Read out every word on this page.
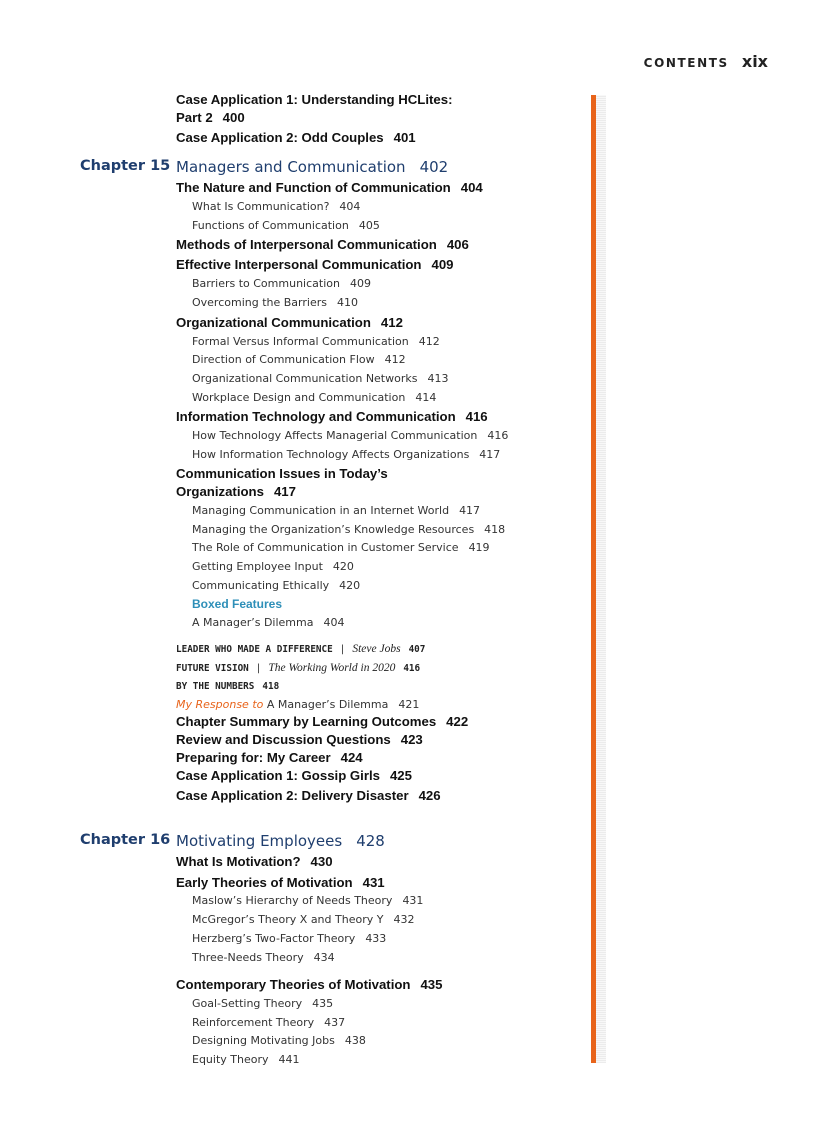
CONTENTS xix
Case Application 1: Understanding HCLites:
Part 2 400
Case Application 2: Odd Couples 401
Chapter 15 Managers and Communication 402
The Nature and Function of Communication 404
What Is Communication? 404
Functions of Communication 405
Methods of Interpersonal Communication 406
Effective Interpersonal Communication 409
Barriers to Communication 409
Overcoming the Barriers 410
Organizational Communication 412
Formal Versus Informal Communication 412
Direction of Communication Flow 412
Organizational Communication Networks 413
Workplace Design and Communication 414
Information Technology and Communication 416
How Technology Affects Managerial Communication 416
How Information Technology Affects Organizations 417
Communication Issues in Today’s
Organizations 417
Managing Communication in an Internet World 417
Managing the Organization’s Knowledge Resources 418
The Role of Communication in Customer Service 419
Getting Employee Input 420
Communicating Ethically 420
Boxed Features
A Manager’s Dilemma 404
LEADER WHO MADE A DIFFERENCE | Steve Jobs 407
FUTURE VISION | The Working World in 2020 416
BY THE NUMBERS 418
My Response to A Manager’s Dilemma 421
Chapter Summary by Learning Outcomes 422
Review and Discussion Questions 423
Preparing for: My Career 424
Case Application 1: Gossip Girls 425
Case Application 2: Delivery Disaster 426
Chapter 16 Motivating Employees 428
What Is Motivation? 430
Early Theories of Motivation 431
Maslow’s Hierarchy of Needs Theory 431
McGregor’s Theory X and Theory Y 432
Herzberg’s Two-Factor Theory 433
Three-Needs Theory 434
Contemporary Theories of Motivation 435
Goal-Setting Theory 435
Reinforcement Theory 437
Designing Motivating Jobs 438
Equity Theory 441
